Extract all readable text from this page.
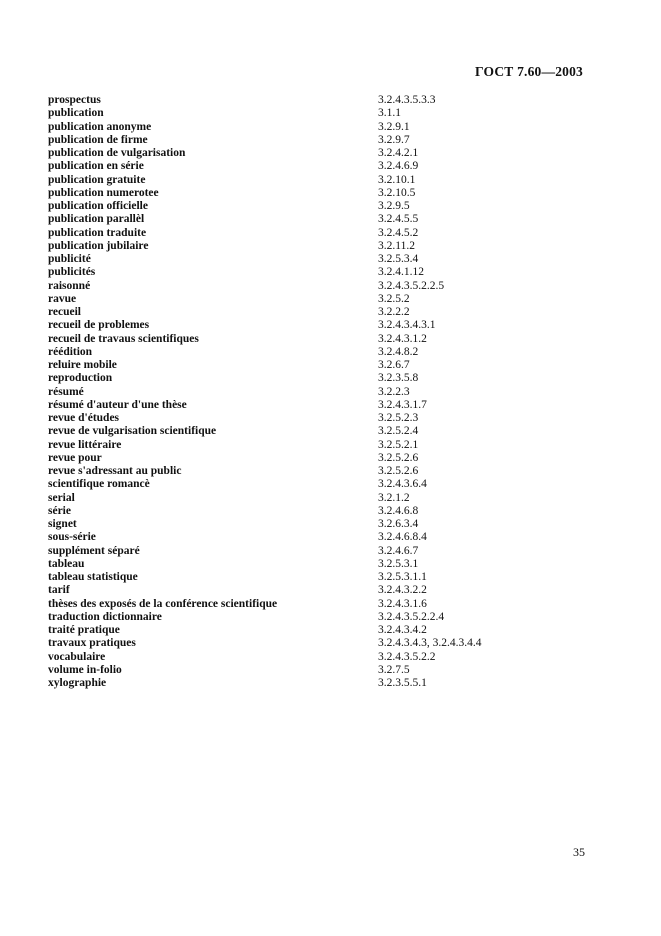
ГОСТ 7.60—2003
prospectus	3.2.4.3.5.3.3
publication	3.1.1
publication anonyme	3.2.9.1
publication de firme	3.2.9.7
publication de vulgarisation	3.2.4.2.1
publication en série	3.2.4.6.9
publication gratuite	3.2.10.1
publication numerotee	3.2.10.5
publication officielle	3.2.9.5
publication parallèl	3.2.4.5.5
publication traduite	3.2.4.5.2
publication jubilaire	3.2.11.2
publicité	3.2.5.3.4
publicités	3.2.4.1.12
raisonné	3.2.4.3.5.2.2.5
ravue	3.2.5.2
recueil	3.2.2.2
recueil de problemes	3.2.4.3.4.3.1
recueil de travaus scientifiques	3.2.4.3.1.2
réédition	3.2.4.8.2
reluire mobile	3.2.6.7
reproduction	3.2.3.5.8
résumé	3.2.2.3
résumé d'auteur d'une thèse	3.2.4.3.1.7
revue d'études	3.2.5.2.3
revue de vulgarisation scientifique	3.2.5.2.4
revue littéraire	3.2.5.2.1
revue pour	3.2.5.2.6
revue s'adressant au public	3.2.5.2.6
scientifique romancè	3.2.4.3.6.4
serial	3.2.1.2
série	3.2.4.6.8
signet	3.2.6.3.4
sous-série	3.2.4.6.8.4
supplément séparé	3.2.4.6.7
tableau	3.2.5.3.1
tableau statistique	3.2.5.3.1.1
tarif	3.2.4.3.2.2
thèses des exposés de la conférence scientifique	3.2.4.3.1.6
traduction dictionnaire	3.2.4.3.5.2.2.4
traité pratique	3.2.4.3.4.2
travaux pratiques	3.2.4.3.4.3, 3.2.4.3.4.4
vocabulaire	3.2.4.3.5.2.2
volume in-folio	3.2.7.5
xylographie	3.2.3.5.5.1
35
